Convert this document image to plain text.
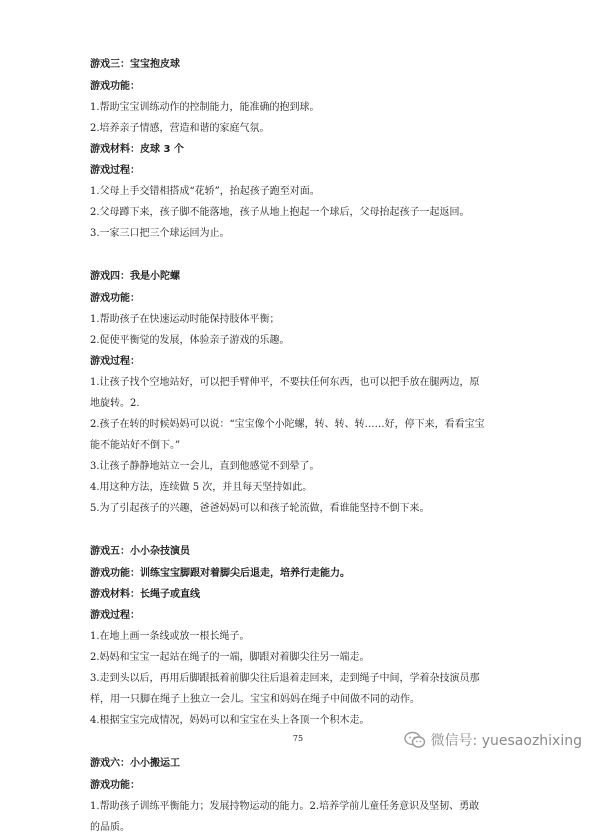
游戏三：宝宝抱皮球
游戏功能：
1.帮助宝宝训练动作的控制能力，能准确的抱到球。
2.培养亲子情感，营造和谐的家庭气氛。
游戏材料：皮球 3 个
游戏过程：
1.父母上手交错相搭成“花轿”，抬起孩子跑至对面。
2.父母蹲下来，孩子脚不能落地，孩子从地上抱起一个球后，父母抬起孩子一起返回。
3.一家三口把三个球运回为止。
游戏四：我是小陀螺
游戏功能：
1.帮助孩子在快速运动时能保持肢体平衡；
2.促使平衡觉的发展，体验亲子游戏的乐趣。
游戏过程：
1.让孩子找个空地站好，可以把手臂伸平，不要扶任何东西，也可以把手放在腿两边，原
地旋转。2.
2.孩子在转的时候妈妈可以说：“宝宝像个小陀螺，转、转、转……好，停下来，看看宝宝
能不能站好不倒下。”
3.让孩子静静地站立一会儿，直到他感觉不到晕了。
4.用这种方法，连续做 5 次，并且每天坚持如此。
5.为了引起孩子的兴趣，爸爸妈妈可以和孩子轮流做，看谁能坚持不倒下来。
游戏五：小小杂技演员
游戏功能：训练宝宝脚跟对着脚尖后退走，培养行走能力。
游戏材料：长绳子或直线
游戏过程：
1.在地上画一条线或放一根长绳子。
2.妈妈和宝宝一起站在绳子的一端，脚跟对着脚尖往另一端走。
3.走到头以后，再用后脚跟抵着前脚尖往后退着走回来，走到绳子中间，学着杂技演员那
样，用一只脚在绳子上独立一会儿。宝宝和妈妈在绳子中间做不同的动作。
4.根据宝宝完成情况，妈妈可以和宝宝在头上各顶一个积木走。
游戏六：小小搬运工
游戏功能：
1.帮助孩子训练平衡能力；发展持物运动的能力。2.培养学前儿童任务意识及坚韧、勇敢
的品质。
75	微信号: yuesaozhixing
